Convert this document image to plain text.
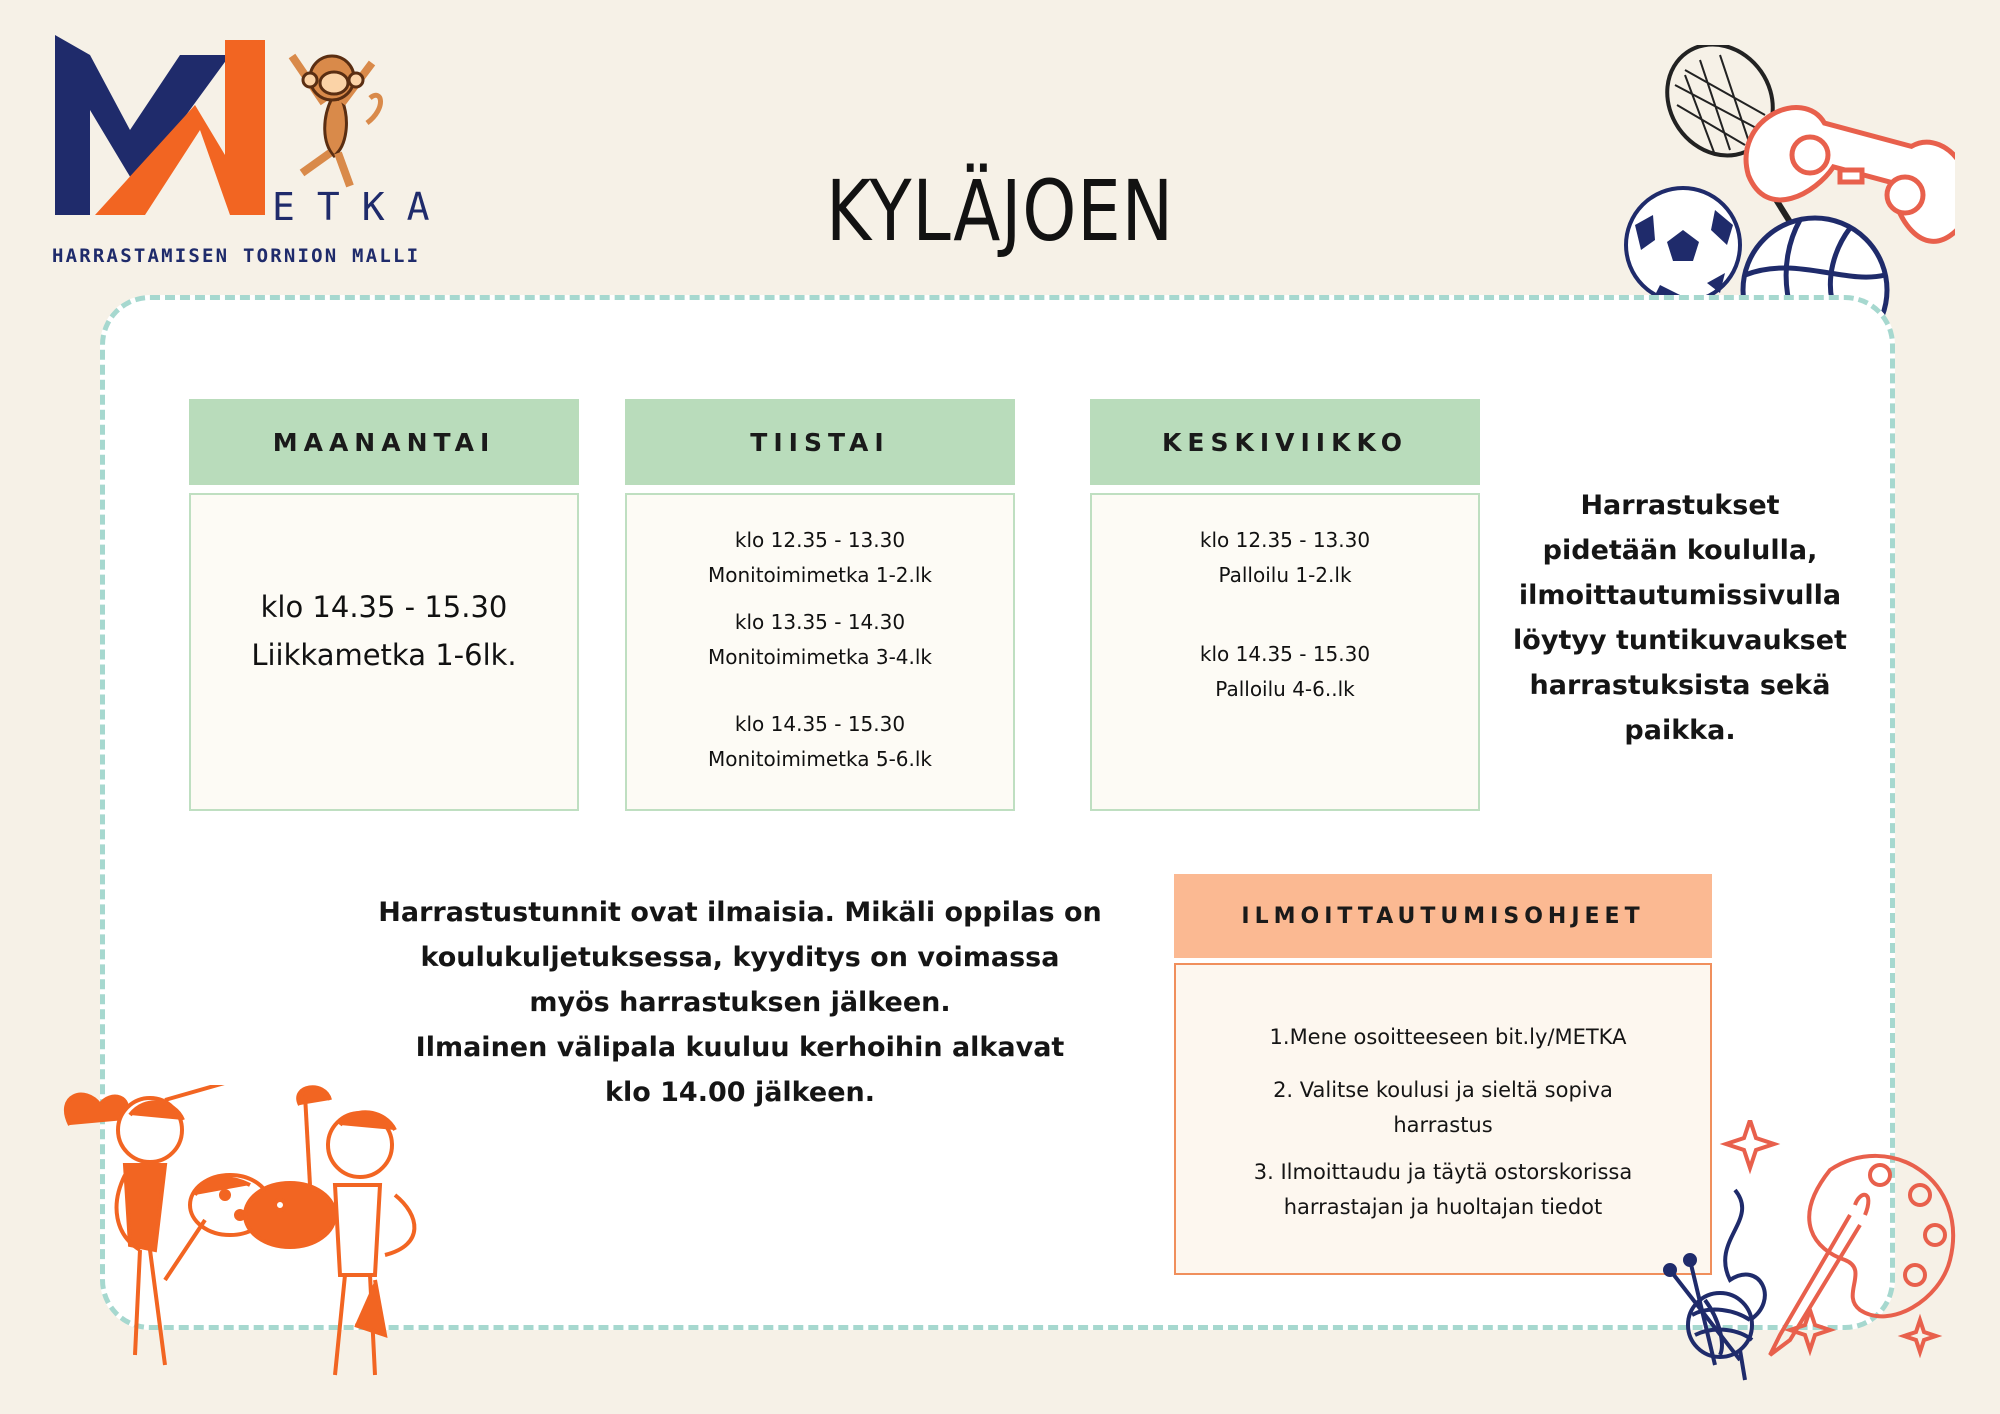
ETKA
HARRASTAMISEN TORNION MALLI	KYLÄJOEN
MAANANTAI
klo 14.35 - 15.30
Liikkametka 1-6lk.
TIISTAI
klo 12.35 - 13.30
Monitoimimetka 1-2.lk
klo 13.35 - 14.30
Monitoimimetka 3-4.lk
klo 14.35 - 15.30
Monitoimimetka 5-6.lk
KESKIVIIKKO
klo 12.35 - 13.30
Palloilu 1-2.lk
klo 14.35 - 15.30
Palloilu 4-6..lk
Harrastukset
pidetään koululla,
ilmoittautumissivulla
löytyy tuntikuvaukset
harrastuksista sekä
paikka.
Harrastustunnit ovat ilmaisia. Mikäli oppilas on
koulukuljetuksessa, kyyditys on voimassa
myös harrastuksen jälkeen.
Ilmainen välipala kuuluu kerhoihin alkavat
klo 14.00 jälkeen.
ILMOITTAUTUMISOHJEET
1.Mene osoitteeseen bit.ly/METKA
2. Valitse koulusi ja sieltä sopiva
harrastus
3. Ilmoittaudu ja täytä ostorskorissa
harrastajan ja huoltajan tiedot
